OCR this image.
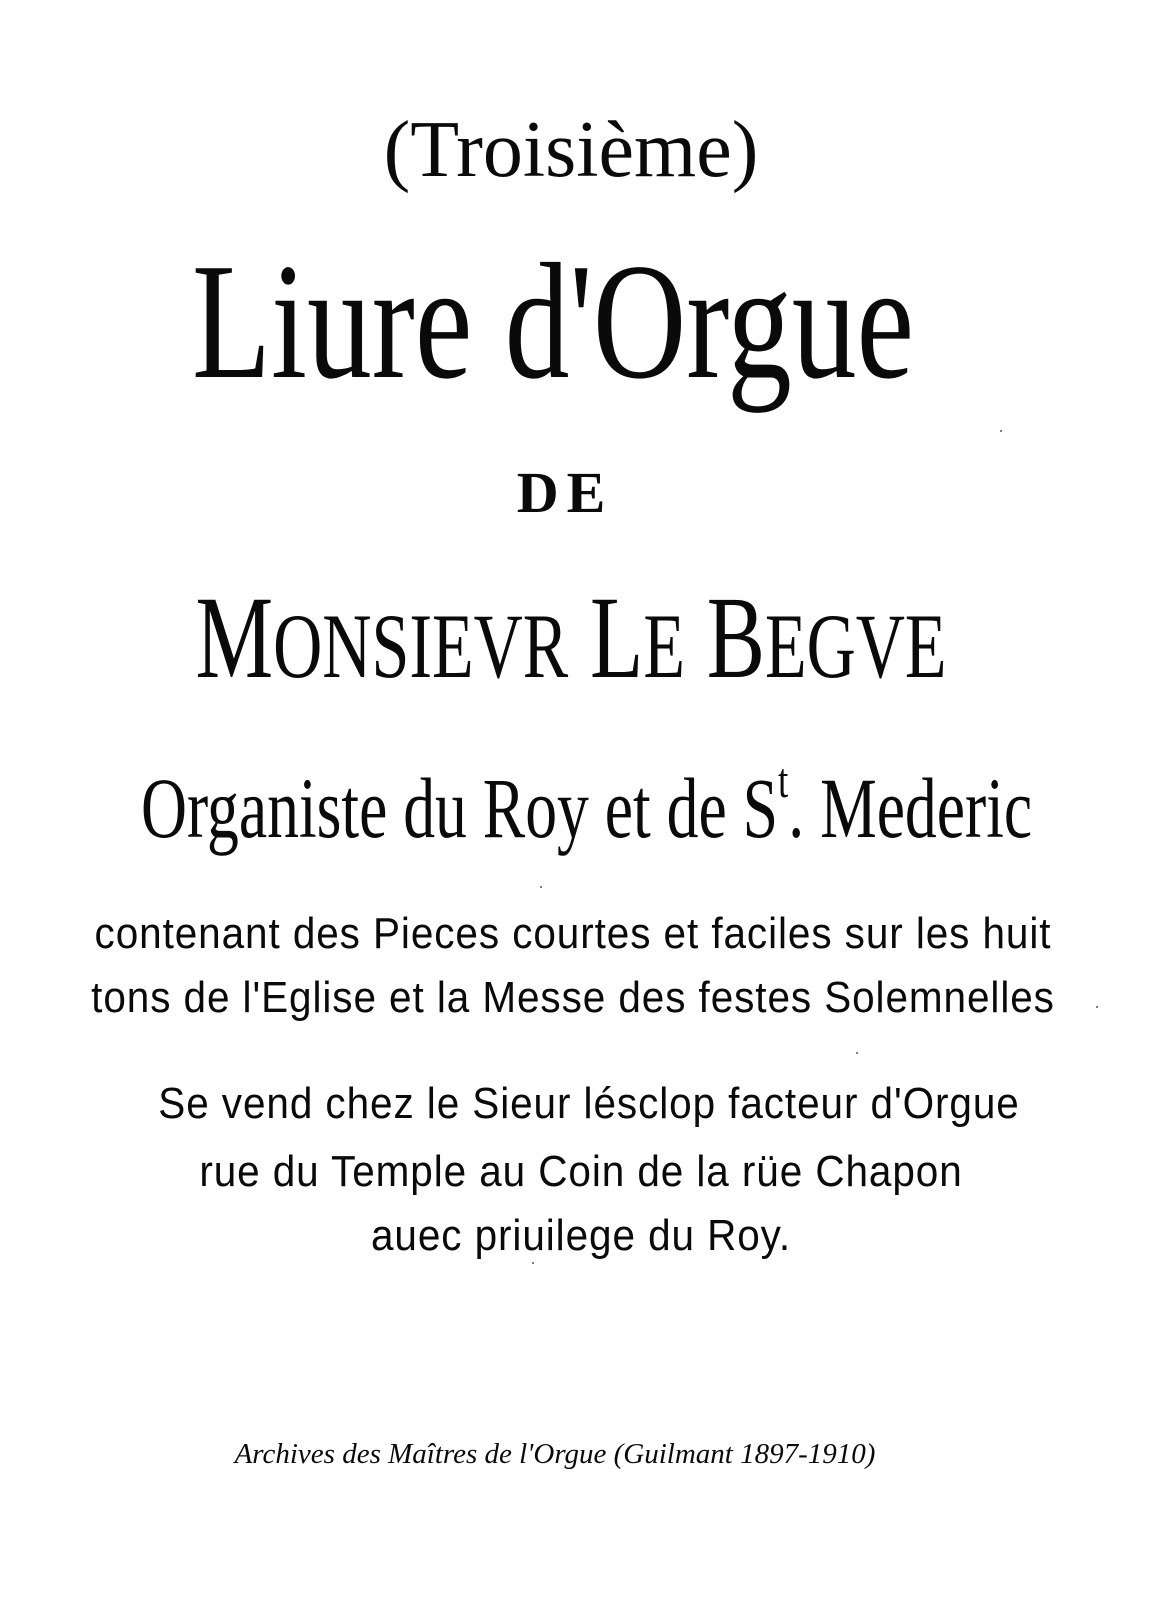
(Troisième)
Liure d'Orgue
DE
MONSIEVR LE BEGVE
Organiste du Roy et de $S^t$. Mederic
contenant des Pieces courtes et faciles sur les huit
tons de l'Eglise et la Messe des festes Solemnelles
Se vend chez le Sieur lésclop facteur d'Orgue
rue du Temple au Coin de la rüe Chapon
auec priuilege du Roy.
Archives des Maîtres de l'Orgue (Guilmant 1897-1910)
